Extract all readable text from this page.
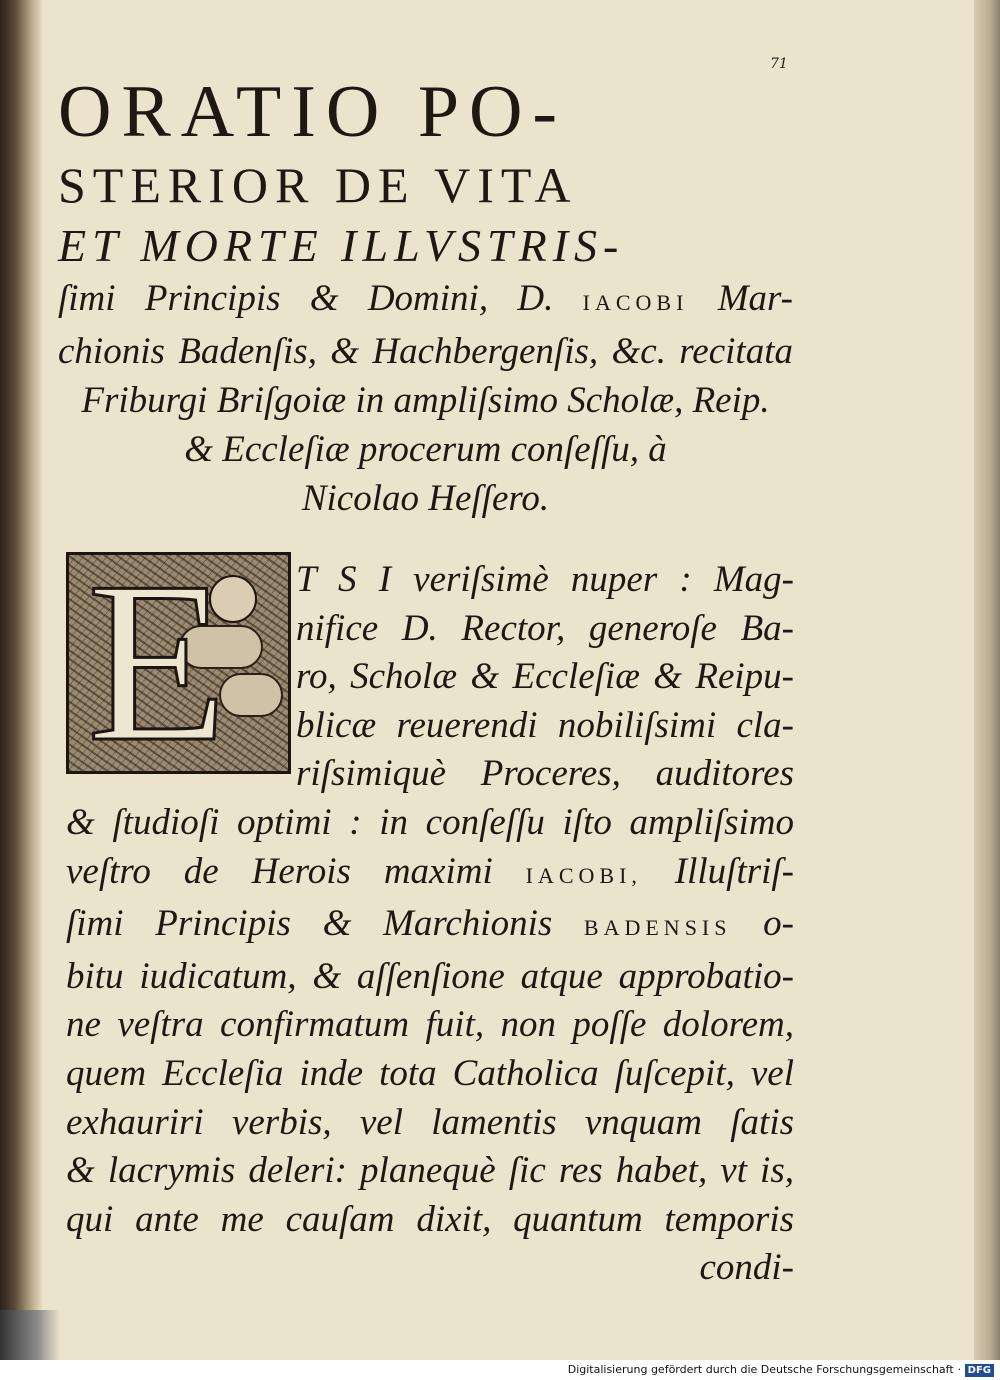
71
ORATIO PO-
STERIOR DE VITA
ET MORTE ILLVSTRIS-
ſimi Principis & Domini, D. IACOBI Mar-
chionis Badenſis, & Hachbergenſis, &c. recitata
Friburgi Briſgoiæ in ampliſsimo Scholæ, Reip.
& Eccleſiæ procerum conſeſſu, à
Nicolao Heſſero.
E	T S I veriſsimè nuper : Mag-
nifice D. Rector, generoſe Ba-
ro, Scholæ & Eccleſiæ & Reipu-
blicæ reuerendi nobiliſsimi cla-
riſsimiquè Proceres, auditores
& ſtudioſi optimi : in conſeſſu iſto ampliſsimo
veſtro de Herois maximi IACOBI, Illuſtriſ-
ſimi Principis & Marchionis BADENSIS o-
bitu iudicatum, & aſſenſione atque approbatio-
ne veſtra confirmatum fuit, non poſſe dolorem,
quem Eccleſia inde tota Catholica ſuſcepit, vel
exhauriri verbis, vel lamentis vnquam ſatis
& lacrymis deleri: planequè ſic res habet, vt is,
qui ante me cauſam dixit, quantum temporis
condi-
Digitalisierung gefördert durch die Deutsche Forschungsgemeinschaft · DFG
